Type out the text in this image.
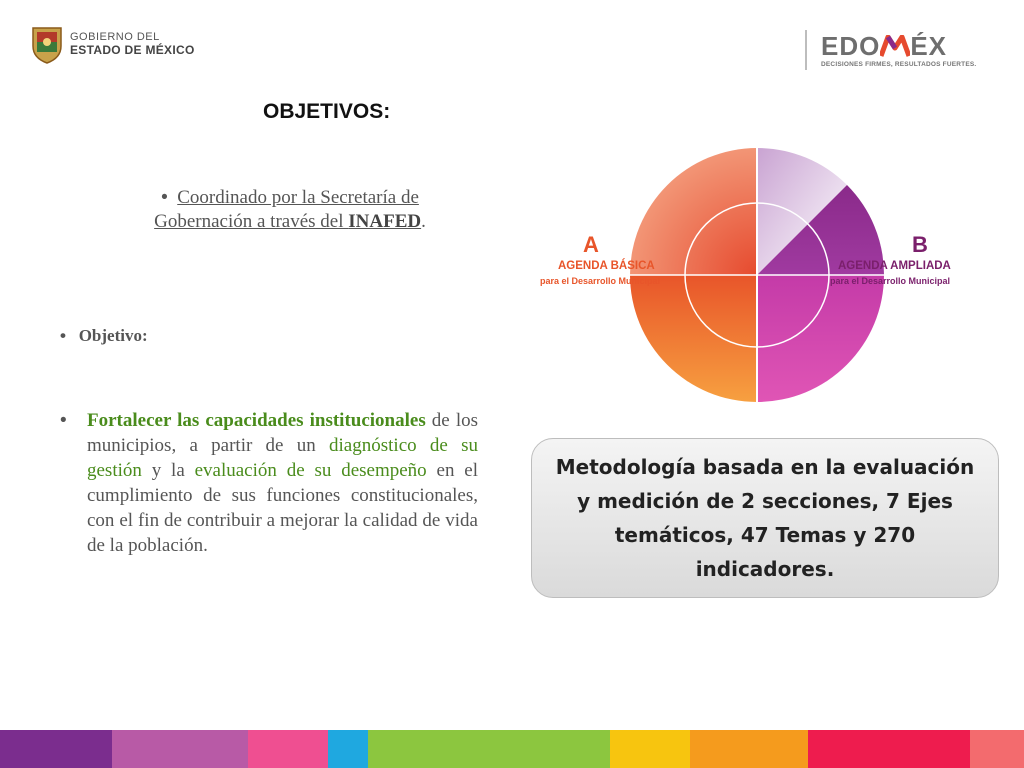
GOBIERNO DEL
ESTADO DE MÉXICO	EDO ÉX
DECISIONES FIRMES, RESULTADOS FUERTES.
OBJETIVOS:
• Coordinado por la Secretaría de
Gobernación a través del INAFED.
• Objetivo:
•	Fortalecer las capacidades institucionales de los municipios, a partir de un diagnóstico de su gestión y la evaluación de su desempeño en el cumplimiento de sus funciones constitucionales, con el fin de contribuir a mejorar la calidad de vida de la población.
A
AGENDA BÁSICA
para el Desarrollo Municipal
B
AGENDA AMPLIADA
para el Desarrollo Municipal
Metodología basada en la evaluación y medición de 2 secciones, 7 Ejes temáticos, 47 Temas y 270 indicadores.
